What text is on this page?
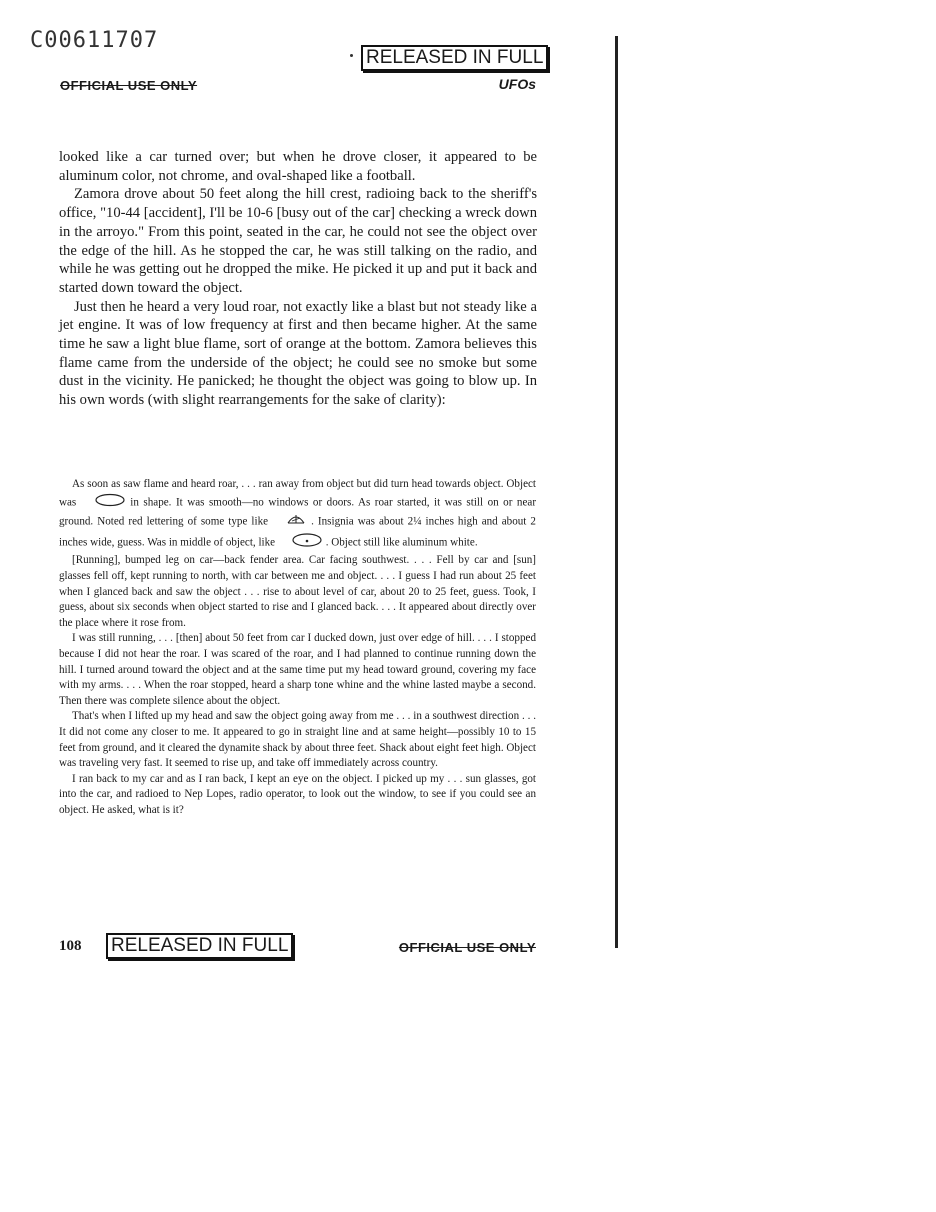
C00611707
RELEASED IN FULL
OFFICIAL USE ONLY	UFOs

looked like a car turned over; but when he drove closer, it appeared to be aluminum color, not chrome, and oval-shaped like a football.

Zamora drove about 50 feet along the hill crest, radioing back to the sheriff's office, "10-44 [accident], I'll be 10-6 [busy out of the car] checking a wreck down in the arroyo." From this point, seated in the car, he could not see the object over the edge of the hill. As he stopped the car, he was still talking on the radio, and while he was getting out he dropped the mike. He picked it up and put it back and started down toward the object.

Just then he heard a very loud roar, not exactly like a blast but not steady like a jet engine. It was of low frequency at first and then became higher. At the same time he saw a light blue flame, sort of orange at the bottom. Zamora believes this flame came from the underside of the object; he could see no smoke but some dust in the vicinity. He panicked; he thought the object was going to blow up. In his own words (with slight rearrangements for the sake of clarity):

As soon as saw flame and heard roar, . . . ran away from object but did turn head towards object. Object was	in shape. It was smooth—no windows or doors. As roar started, it was still on or near ground. Noted red lettering of some type like	. Insignia was about 2¼ inches high and about 2 inches wide, guess. Was in middle of object, like	. Object still like aluminum white.

[Running], bumped leg on car—back fender area. Car facing southwest. . . . Fell by car and [sun] glasses fell off, kept running to north, with car between me and object. . . . I guess I had run about 25 feet when I glanced back and saw the object . . . rise to about level of car, about 20 to 25 feet, guess. Took, I guess, about six seconds when object started to rise and I glanced back. . . . It appeared about directly over the place where it rose from.

I was still running, . . . [then] about 50 feet from car I ducked down, just over edge of hill. . . . I stopped because I did not hear the roar. I was scared of the roar, and I had planned to continue running down the hill. I turned around toward the object and at the same time put my head toward ground, covering my face with my arms. . . . When the roar stopped, heard a sharp tone whine and the whine lasted maybe a second. Then there was complete silence about the object.

That's when I lifted up my head and saw the object going away from me . . . in a southwest direction . . . It did not come any closer to me. It appeared to go in straight line and at same height—possibly 10 to 15 feet from ground, and it cleared the dynamite shack by about three feet. Shack about eight feet high. Object was traveling very fast. It seemed to rise up, and take off immediately across country.

I ran back to my car and as I ran back, I kept an eye on the object. I picked up my . . . sun glasses, got into the car, and radioed to Nep Lopes, radio operator, to look out the window, to see if you could see an object. He asked, what is it?

108 RELEASED IN FULL	OFFICIAL USE ONLY
